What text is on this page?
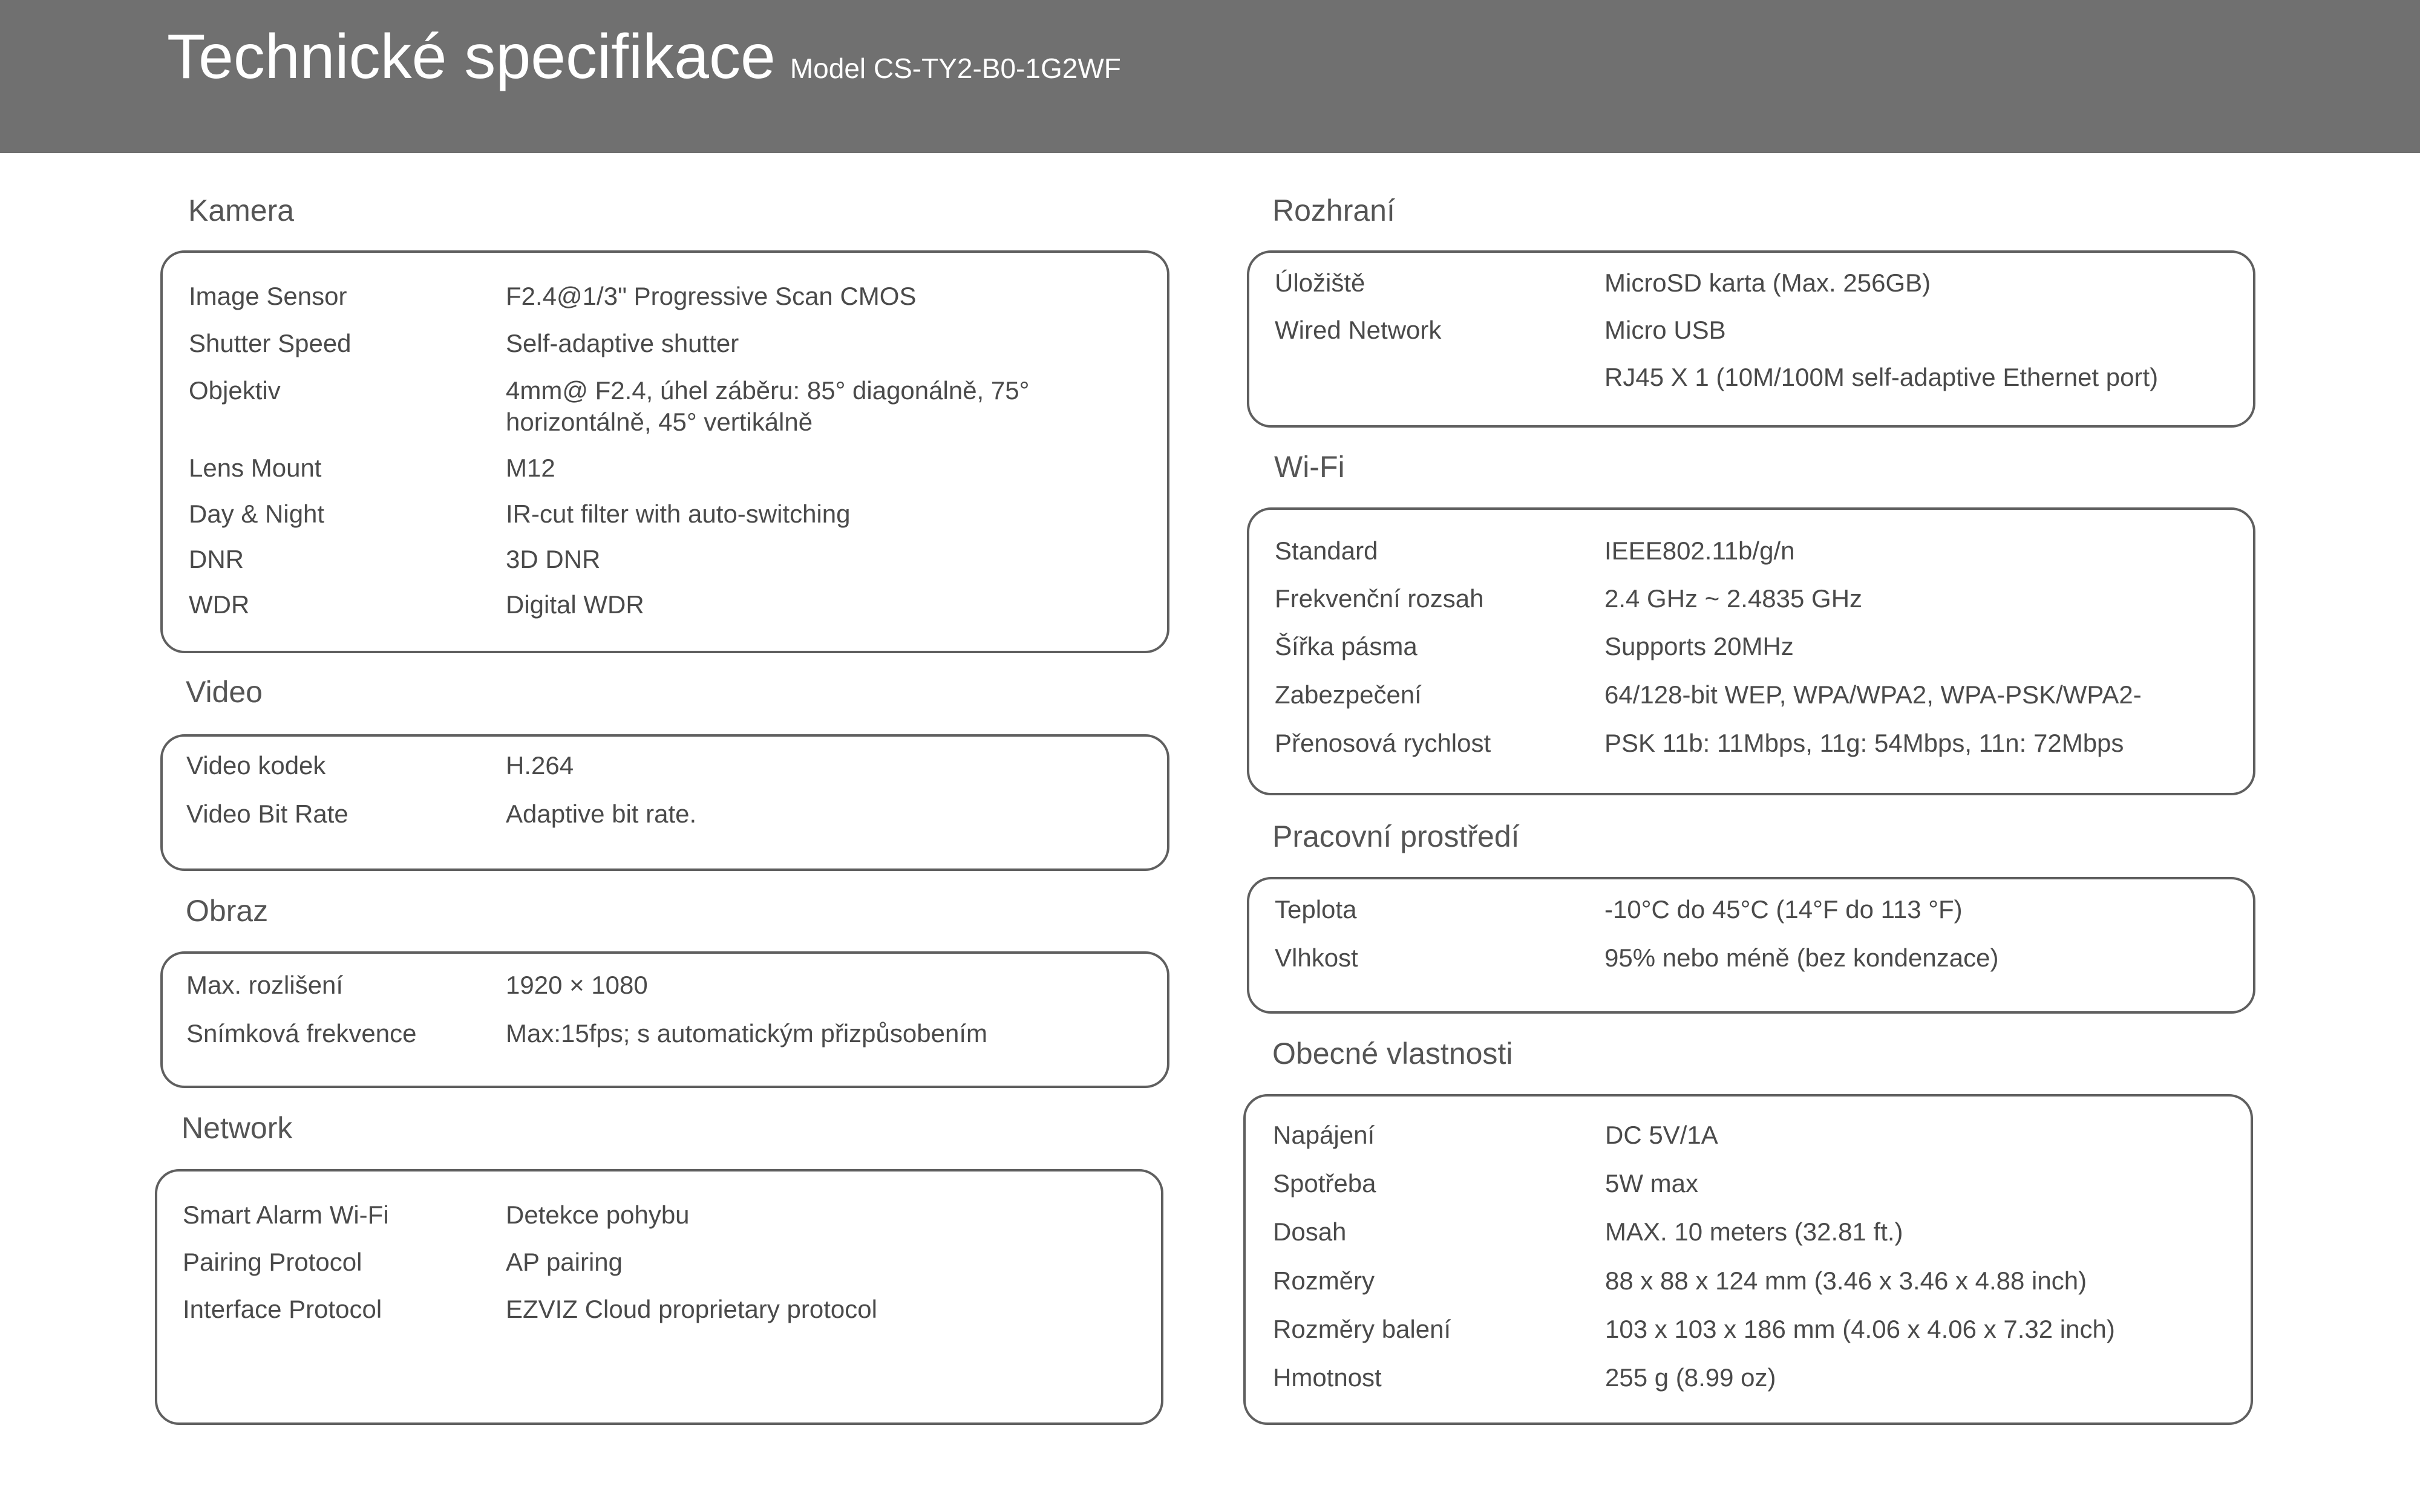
Technické specifikace Model CS-TY2-B0-1G2WF
Kamera
Image Sensor	F2.4@1/3" Progressive Scan CMOS
Shutter Speed	Self-adaptive shutter
Objektiv	4mm@ F2.4, úhel záběru: 85° diagonálně, 75° horizontálně, 45° vertikálně
Lens Mount	M12
Day & Night	IR-cut filter with auto-switching
DNR	3D DNR
WDR	Digital WDR
Video
Video kodek	H.264
Video Bit Rate	Adaptive bit rate.
Obraz
Max. rozlišení	1920 × 1080
Snímková frekvence	Max:15fps; s automatickým přizpůsobením
Network
Smart Alarm Wi-Fi	Detekce pohybu
Pairing Protocol	AP pairing
Interface Protocol	EZVIZ Cloud proprietary protocol
Rozhraní
Úložiště	MicroSD karta (Max. 256GB)
Wired Network	Micro USB
RJ45 X 1 (10M/100M self-adaptive Ethernet port)
Wi-Fi
Standard	IEEE802.11b/g/n
Frekvenční rozsah	2.4 GHz ~ 2.4835 GHz
Šířka pásma	Supports 20MHz
Zabezpečení	64/128-bit WEP, WPA/WPA2, WPA-PSK/WPA2-
Přenosová rychlost	PSK 11b: 11Mbps, 11g: 54Mbps, 11n: 72Mbps
Pracovní prostředí
Teplota	-10°C do 45°C (14°F do 113 °F)
Vlhkost	95% nebo méně (bez kondenzace)
Obecné vlastnosti
Napájení	DC 5V/1A
Spotřeba	5W max
Dosah	MAX. 10 meters (32.81 ft.)
Rozměry	88 x 88 x 124 mm (3.46 x 3.46 x 4.88 inch)
Rozměry balení	103 x 103 x 186 mm (4.06 x 4.06 x 7.32 inch)
Hmotnost	255 g (8.99 oz)
